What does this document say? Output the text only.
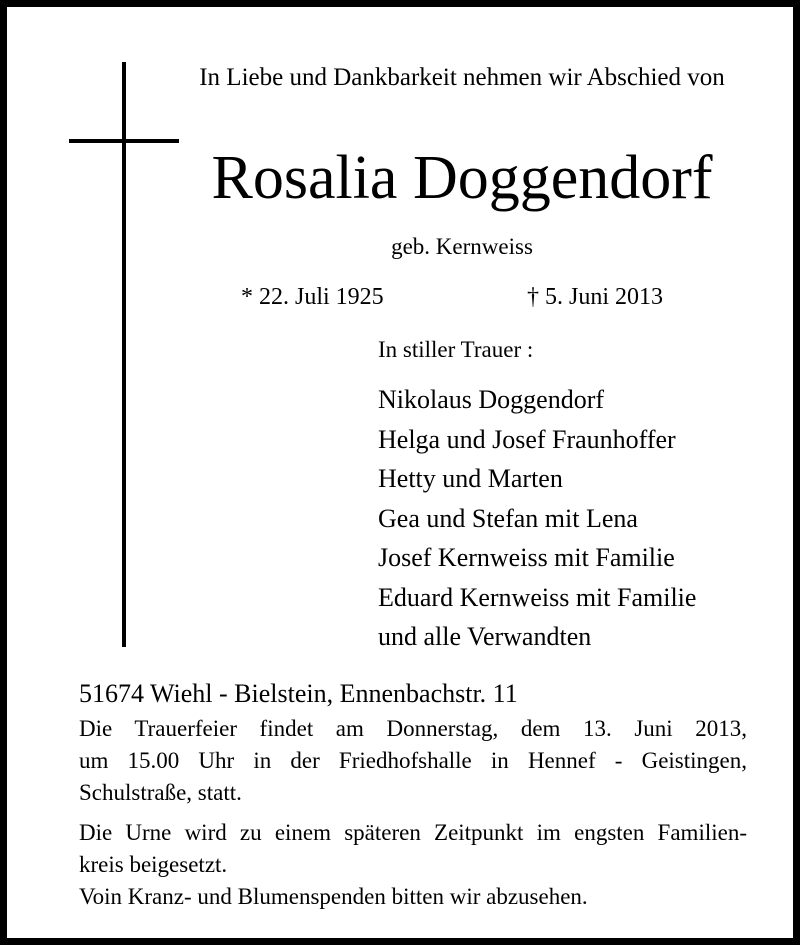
In Liebe und Dankbarkeit nehmen wir Abschied von
Rosalia Doggendorf
geb. Kernweiss
* 22. Juli 1925	† 5. Juni 2013
In stiller Trauer :
Nikolaus Doggendorf
Helga und Josef Fraunhoffer
Hetty und Marten
Gea und Stefan mit Lena
Josef Kernweiss mit Familie
Eduard Kernweiss mit Familie
und alle Verwandten
51674 Wiehl - Bielstein, Ennenbachstr. 11
Die Trauerfeier findet am Donnerstag, dem 13. Juni 2013,
um 15.00 Uhr in der Friedhofshalle in Hennef - Geistingen,
Schulstraße, statt.
Die Urne wird zu einem späteren Zeitpunkt im engsten Familien-
kreis beigesetzt.
Voin Kranz- und Blumenspenden bitten wir abzusehen.
